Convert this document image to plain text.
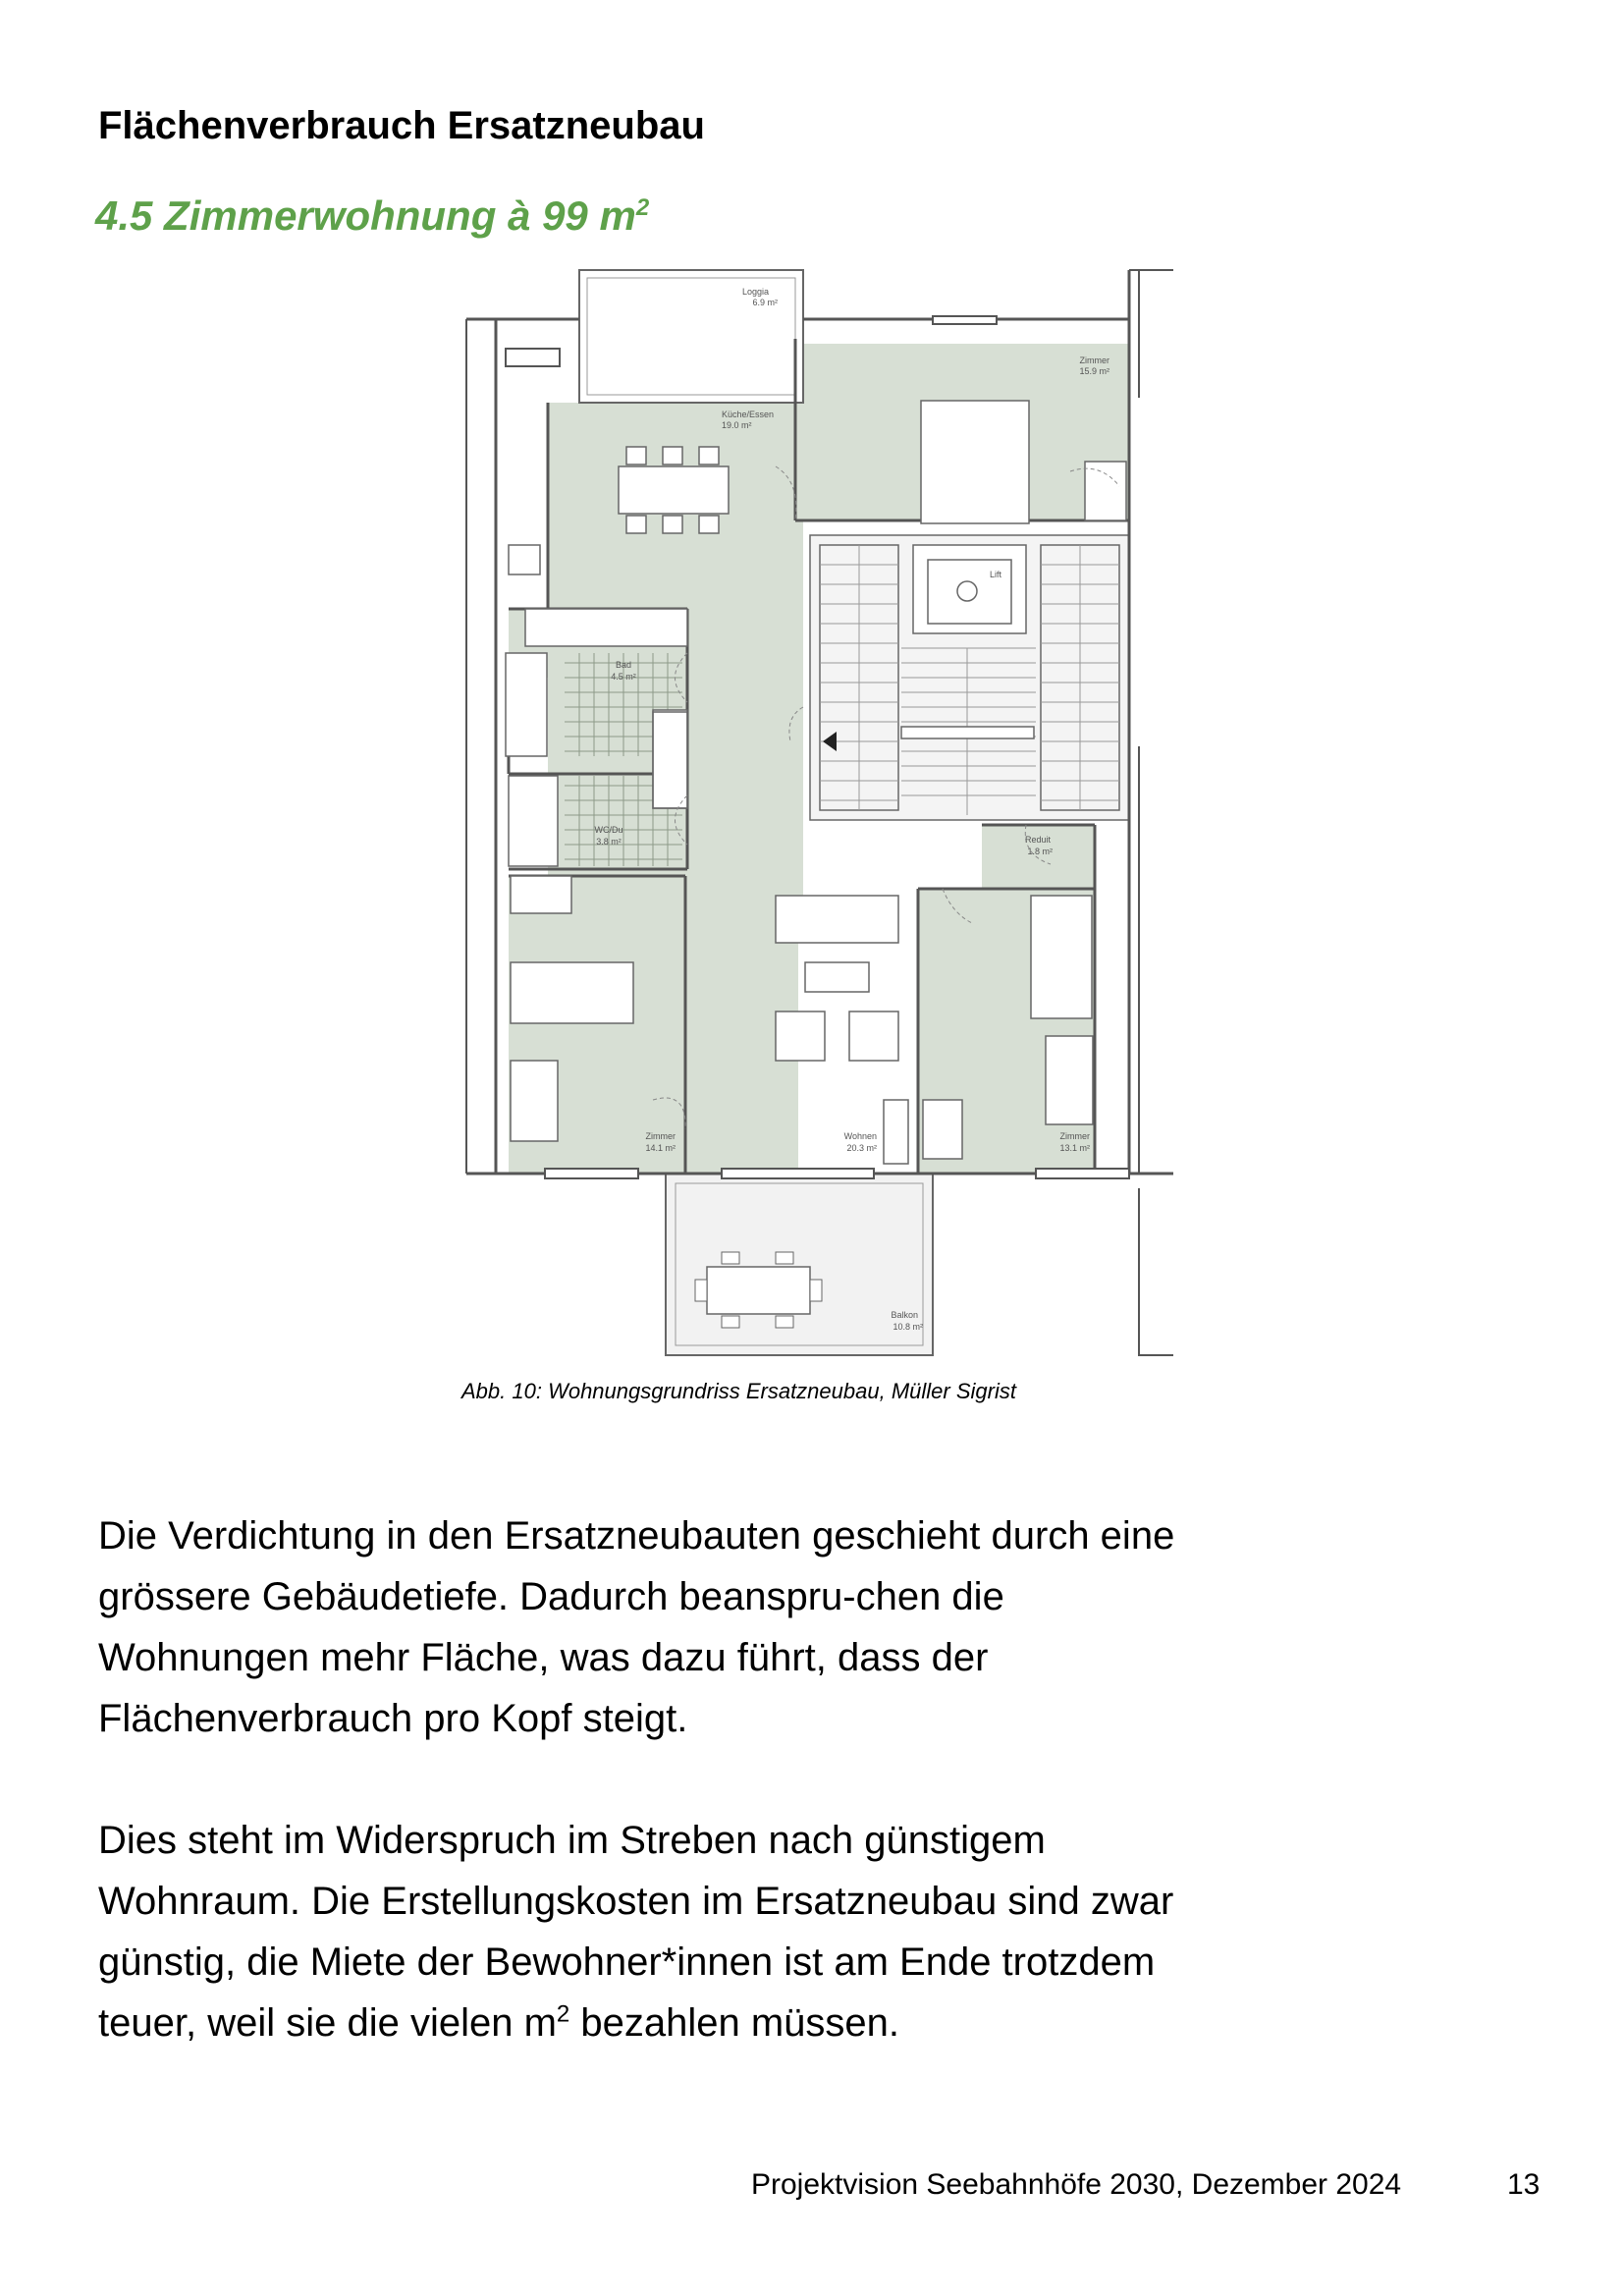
Flächenverbrauch Ersatzneubau
4.5 Zimmerwohnung à 99 $m^2$
Loggia
6.9 m²
Küche/Essen
19.0 m²
Zimmer
15.9 m²
Lift
Bad
4.5 m²
WC/Du
3.8 m²	Reduit
1.8 m²
Zimmer
14.1 m²
Wohnen
20.3 m²
Zimmer
13.1 m²
Balkon
10.8 m²
Abb. 10: Wohnungsgrundriss Ersatzneubau, Müller Sigrist

Die Verdichtung in den Ersatzneubauten geschieht durch eine grössere Gebäudetiefe. Dadurch beanspru-chen die Wohnungen mehr Fläche, was dazu führt, dass der Flächenverbrauch pro Kopf steigt.

Dies steht im Widerspruch im Streben nach günstigem Wohnraum. Die Erstellungskosten im Ersatzneubau sind zwar günstig, die Miete der Bewohner*innen ist am Ende trotzdem teuer, weil sie die vielen $m^2$ bezahlen müssen.

Projektvision Seebahnhöfe 2030, Dezember 2024	13
